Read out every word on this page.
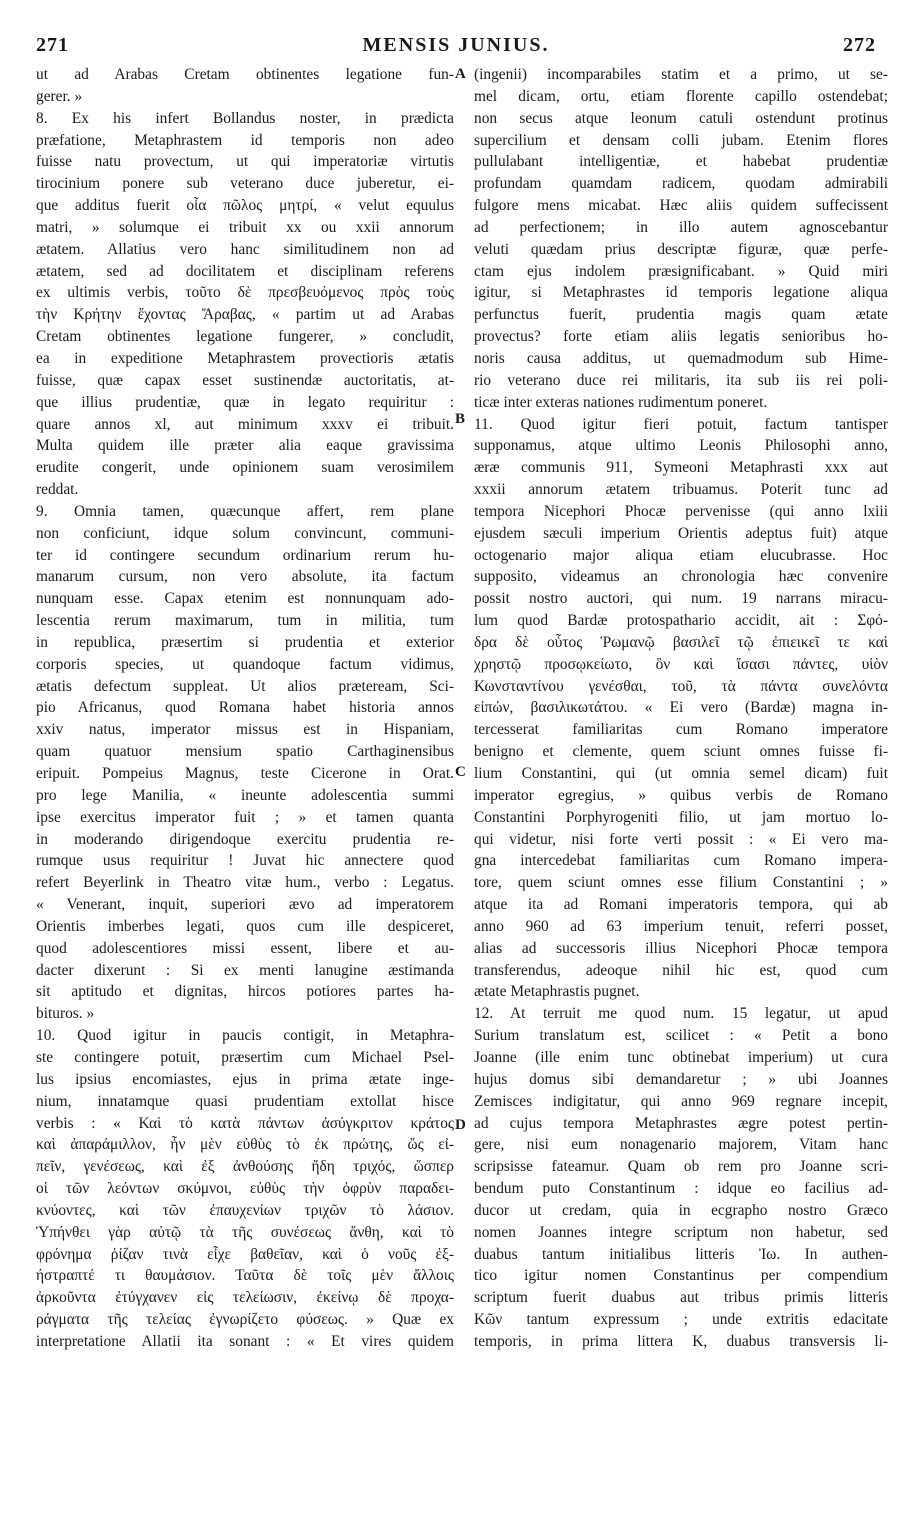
271	MENSIS JUNIUS.	272
ut ad Arabas Cretam obtinentes legatione fun-
gerer. »
8. Ex his infert Bollandus noster, in prædicta
præfatione, Metaphrastem id temporis non adeo
fuisse natu provectum, ut qui imperatoriæ virtutis
tirocinium ponere sub veterano duce juberetur, ei-
que additus fuerit οἷα πῶλος μητρί, « velut equulus
matri, » solumque ei tribuit xx ou xxii annorum
ætatem. Allatius vero hanc similitudinem non ad
ætatem, sed ad docilitatem et disciplinam referens
ex ultimis verbis, τοῦτο δὲ πρεσβευόμενος πρὸς τοὺς
τὴν Κρήτην ἔχοντας Ἄραβας, « partim ut ad Arabas
Cretam obtinentes legatione fungerer, » concludit,
ea in expeditione Metaphrastem provectioris ætatis
fuisse, quæ capax esset sustinendæ auctoritatis, at-
que illius prudentiæ, quæ in legato requiritur :
quare annos xl, aut minimum xxxv ei tribuit.
Multa quidem ille præter alia eaque gravissima
erudite congerit, unde opinionem suam verosimilem
reddat.
9. Omnia tamen, quæcunque affert, rem plane
non conficiunt, idque solum convincunt, communi-
ter id contingere secundum ordinarium rerum hu-
manarum cursum, non vero absolute, ita factum
nunquam esse. Capax etenim est nonnunquam ado-
lescentia rerum maximarum, tum in militia, tum
in republica, præsertim si prudentia et exterior
corporis species, ut quandoque factum vidimus,
ætatis defectum suppleat. Ut alios præteream, Sci-
pio Africanus, quod Romana habet historia annos
xxiv natus, imperator missus est in Hispaniam,
quam quatuor mensium spatio Carthaginensibus
eripuit. Pompeius Magnus, teste Cicerone in Orat.
pro lege Manilia, « ineunte adolescentia summi
ipse exercitus imperator fuit ; » et tamen quanta
in moderando dirigendoque exercitu prudentia re-
rumque usus requiritur ! Juvat hic annectere quod
refert Beyerlink in Theatro vitæ hum., verbo : Legatus.
« Venerant, inquit, superiori ævo ad imperatorem
Orientis imberbes legati, quos cum ille despiceret,
quod adolescentiores missi essent, libere et au-
dacter dixerunt : Si ex menti lanugine æstimanda
sit aptitudo et dignitas, hircos potiores partes ha-
bituros. »
10. Quod igitur in paucis contigit, in Metaphra-
ste contingere potuit, præsertim cum Michael Psel-
lus ipsius encomiastes, ejus in prima ætate inge-
nium, innatamque quasi prudentiam extollat hisce
verbis : « Καὶ τὸ κατὰ πάντων ἀσύγκριτον κράτος
καὶ ἀπαράμιλλον, ἦν μὲν εὐθὺς τὸ ἐκ πρώτης, ὥς εἰ-
πεῖν, γενέσεως, καὶ ἐξ ἀνθούσης ἤδη τριχός, ὥσπερ
οἱ τῶν λεόντων σκύμνοι, εὐθὺς τὴν ὀφρὺν παραδει-
κνύοντες, καὶ τῶν ἐπαυχενίων τριχῶν τὸ λάσιον.
Ὑπήνθει γὰρ αὐτῷ τὰ τῆς συνέσεως ἄνθη, καὶ τὸ
φρόνημα ῥίζαν τινὰ εἶχε βαθεῖαν, καὶ ὁ νοῦς ἐξ-
ήστραπτέ τι θαυμάσιον. Ταῦτα δὲ τοῖς μὲν ἄλλοις
ἀρκοῦντα ἐτύγχανεν εἰς τελείωσιν, ἐκείνῳ δὲ προχα-
ράγματα τῆς τελείας ἐγνωρίζετο φύσεως. » Quæ ex
interpretatione Allatii ita sonant : « Et vires quidem
(ingenii) incomparabiles statim et a primo, ut se-
mel dicam, ortu, etiam florente capillo ostendebat;
non secus atque leonum catuli ostendunt protinus
supercilium et densam colli jubam. Etenim flores
pullulabant intelligentiæ, et habebat prudentiæ
profundam quamdam radicem, quodam admirabili
fulgore mens micabat. Hæc aliis quidem suffecissent
ad perfectionem; in illo autem agnoscebantur
veluti quædam prius descriptæ figuræ, quæ perfe-
ctam ejus indolem præsignificabant. » Quid miri
igitur, si Metaphrastes id temporis legatione aliqua
perfunctus fuerit, prudentia magis quam ætate
provectus? forte etiam aliis legatis senioribus ho-
noris causa additus, ut quemadmodum sub Hime-
rio veterano duce rei militaris, ita sub iis rei poli-
ticæ inter exteras nationes rudimentum poneret.
11. Quod igitur fieri potuit, factum tantisper
supponamus, atque ultimo Leonis Philosophi anno,
æræ communis 911, Symeoni Metaphrasti xxx aut
xxxii annorum ætatem tribuamus. Poterit tunc ad
tempora Nicephori Phocæ pervenisse (qui anno lxiii
ejusdem sæculi imperium Orientis adeptus fuit) atque
octogenario major aliqua etiam elucubrasse. Hoc
supposito, videamus an chronologia hæc convenire
possit nostro auctori, qui num. 19 narrans miracu-
lum quod Bardæ protospathario accidit, ait : Σφό-
δρα δὲ οὗτος Ῥωμανῷ βασιλεῖ τῷ ἐπιεικεῖ τε καὶ
χρηστῷ προσῳκείωτο, ὃν καὶ ἴσασι πάντες, υἱὸν
Κωνσταντίνου γενέσθαι, τοῦ, τὰ πάντα συνελόντα
εἰπών, βασιλικωτάτου. « Ei vero (Bardæ) magna in-
tercesserat familiaritas cum Romano imperatore
benigno et clemente, quem sciunt omnes fuisse fi-
lium Constantini, qui (ut omnia semel dicam) fuit
imperator egregius, » quibus verbis de Romano
Constantini Porphyrogeniti filio, ut jam mortuo lo-
qui videtur, nisi forte verti possit : « Ei vero ma-
gna intercedebat familiaritas cum Romano impera-
tore, quem sciunt omnes esse filium Constantini ; »
atque ita ad Romani imperatoris tempora, qui ab
anno 960 ad 63 imperium tenuit, referri posset,
alias ad successoris illius Nicephori Phocæ tempora
transferendus, adeoque nihil hic est, quod cum
ætate Metaphrastis pugnet.
12. At terruit me quod num. 15 legatur, ut apud
Surium translatum est, scilicet : « Petit a bono
Joanne (ille enim tunc obtinebat imperium) ut cura
hujus domus sibi demandaretur ; » ubi Joannes
Zemisces indigitatur, qui anno 969 regnare incepit,
ad cujus tempora Metaphrastes ægre potest pertin-
gere, nisi eum nonagenario majorem, Vitam hanc
scripsisse fateamur. Quam ob rem pro Joanne scri-
bendum puto Constantinum : idque eo facilius ad-
ducor ut credam, quia in ecgrapho nostro Græco
nomen Joannes integre scriptum non habetur, sed
duabus tantum initialibus litteris Ἰω. In authen-
tico igitur nomen Constantinus per compendium
scriptum fuerit duabus aut tribus primis litteris
Κῶν tantum expressum ; unde extritis edacitate
temporis, in prima littera K, duabus transversis li-
A
B
C
D
